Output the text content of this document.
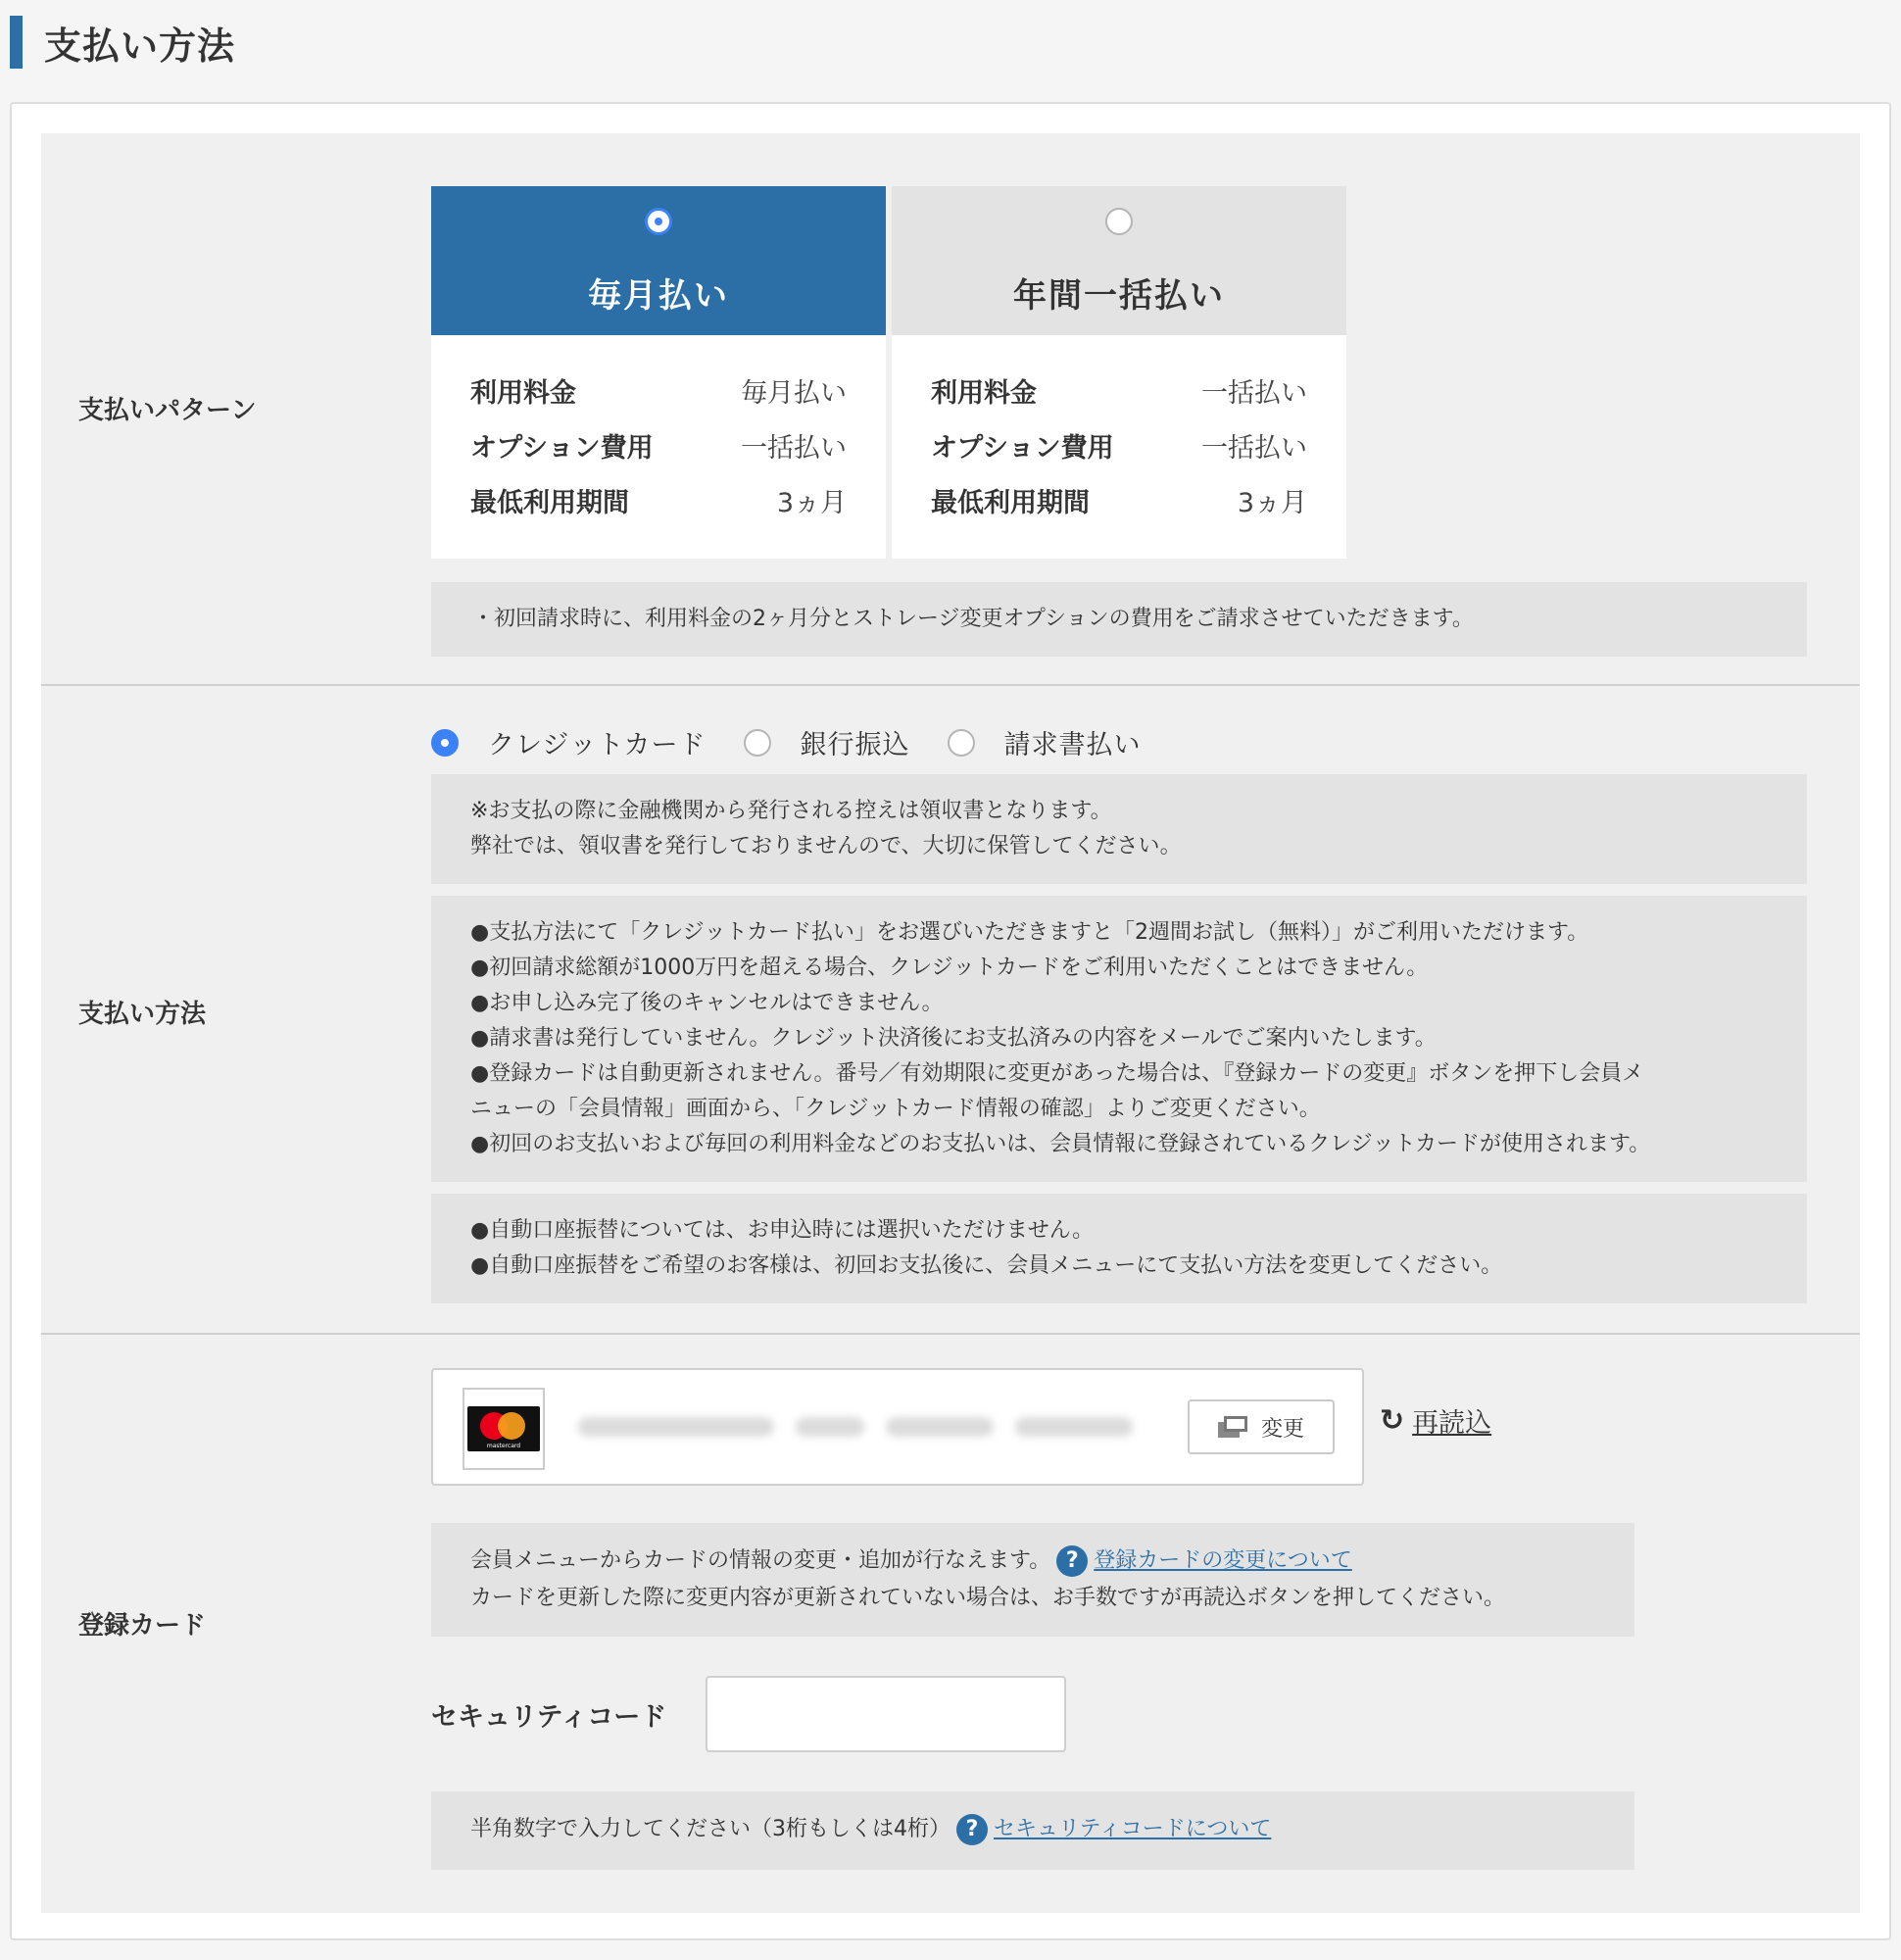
支払い方法
支払いパターン
毎月払い
利用料金	毎月払い
オプション費用	一括払い
最低利用期間	3ヵ月
年間一括払い
利用料金	一括払い
オプション費用	一括払い
最低利用期間	3ヵ月
・初回請求時に、利用料金の2ヶ月分とストレージ変更オプションの費用をご請求させていただきます。
支払い方法
クレジットカード	銀行振込	請求書払い
※お支払の際に金融機関から発行される控えは領収書となります。
弊社では、領収書を発行しておりませんので、大切に保管してください。
●支払方法にて「クレジットカード払い」をお選びいただきますと「2週間お試し（無料）」がご利用いただけます。
●初回請求総額が1000万円を超える場合、クレジットカードをご利用いただくことはできません。
●お申し込み完了後のキャンセルはできません。
●請求書は発行していません。クレジット決済後にお支払済みの内容をメールでご案内いたします。
●登録カードは自動更新されません。番号／有効期限に変更があった場合は、『登録カードの変更』ボタンを押下し会員メ
ニューの「会員情報」画面から、「クレジットカード情報の確認」よりご変更ください。
●初回のお支払いおよび毎回の利用料金などのお支払いは、会員情報に登録されているクレジットカードが使用されます。
●自動口座振替については、お申込時には選択いただけません。
●自動口座振替をご希望のお客様は、初回お支払後に、会員メニューにて支払い方法を変更してください。
登録カード
mastercard
変更	↻ 再読込
会員メニューからカードの情報の変更・追加が行なえます。 ? 登録カードの変更について
カードを更新した際に変更内容が更新されていない場合は、お手数ですが再読込ボタンを押してください。
セキュリティコード
半角数字で入力してください（3桁もしくは4桁） ? セキュリティコードについて
